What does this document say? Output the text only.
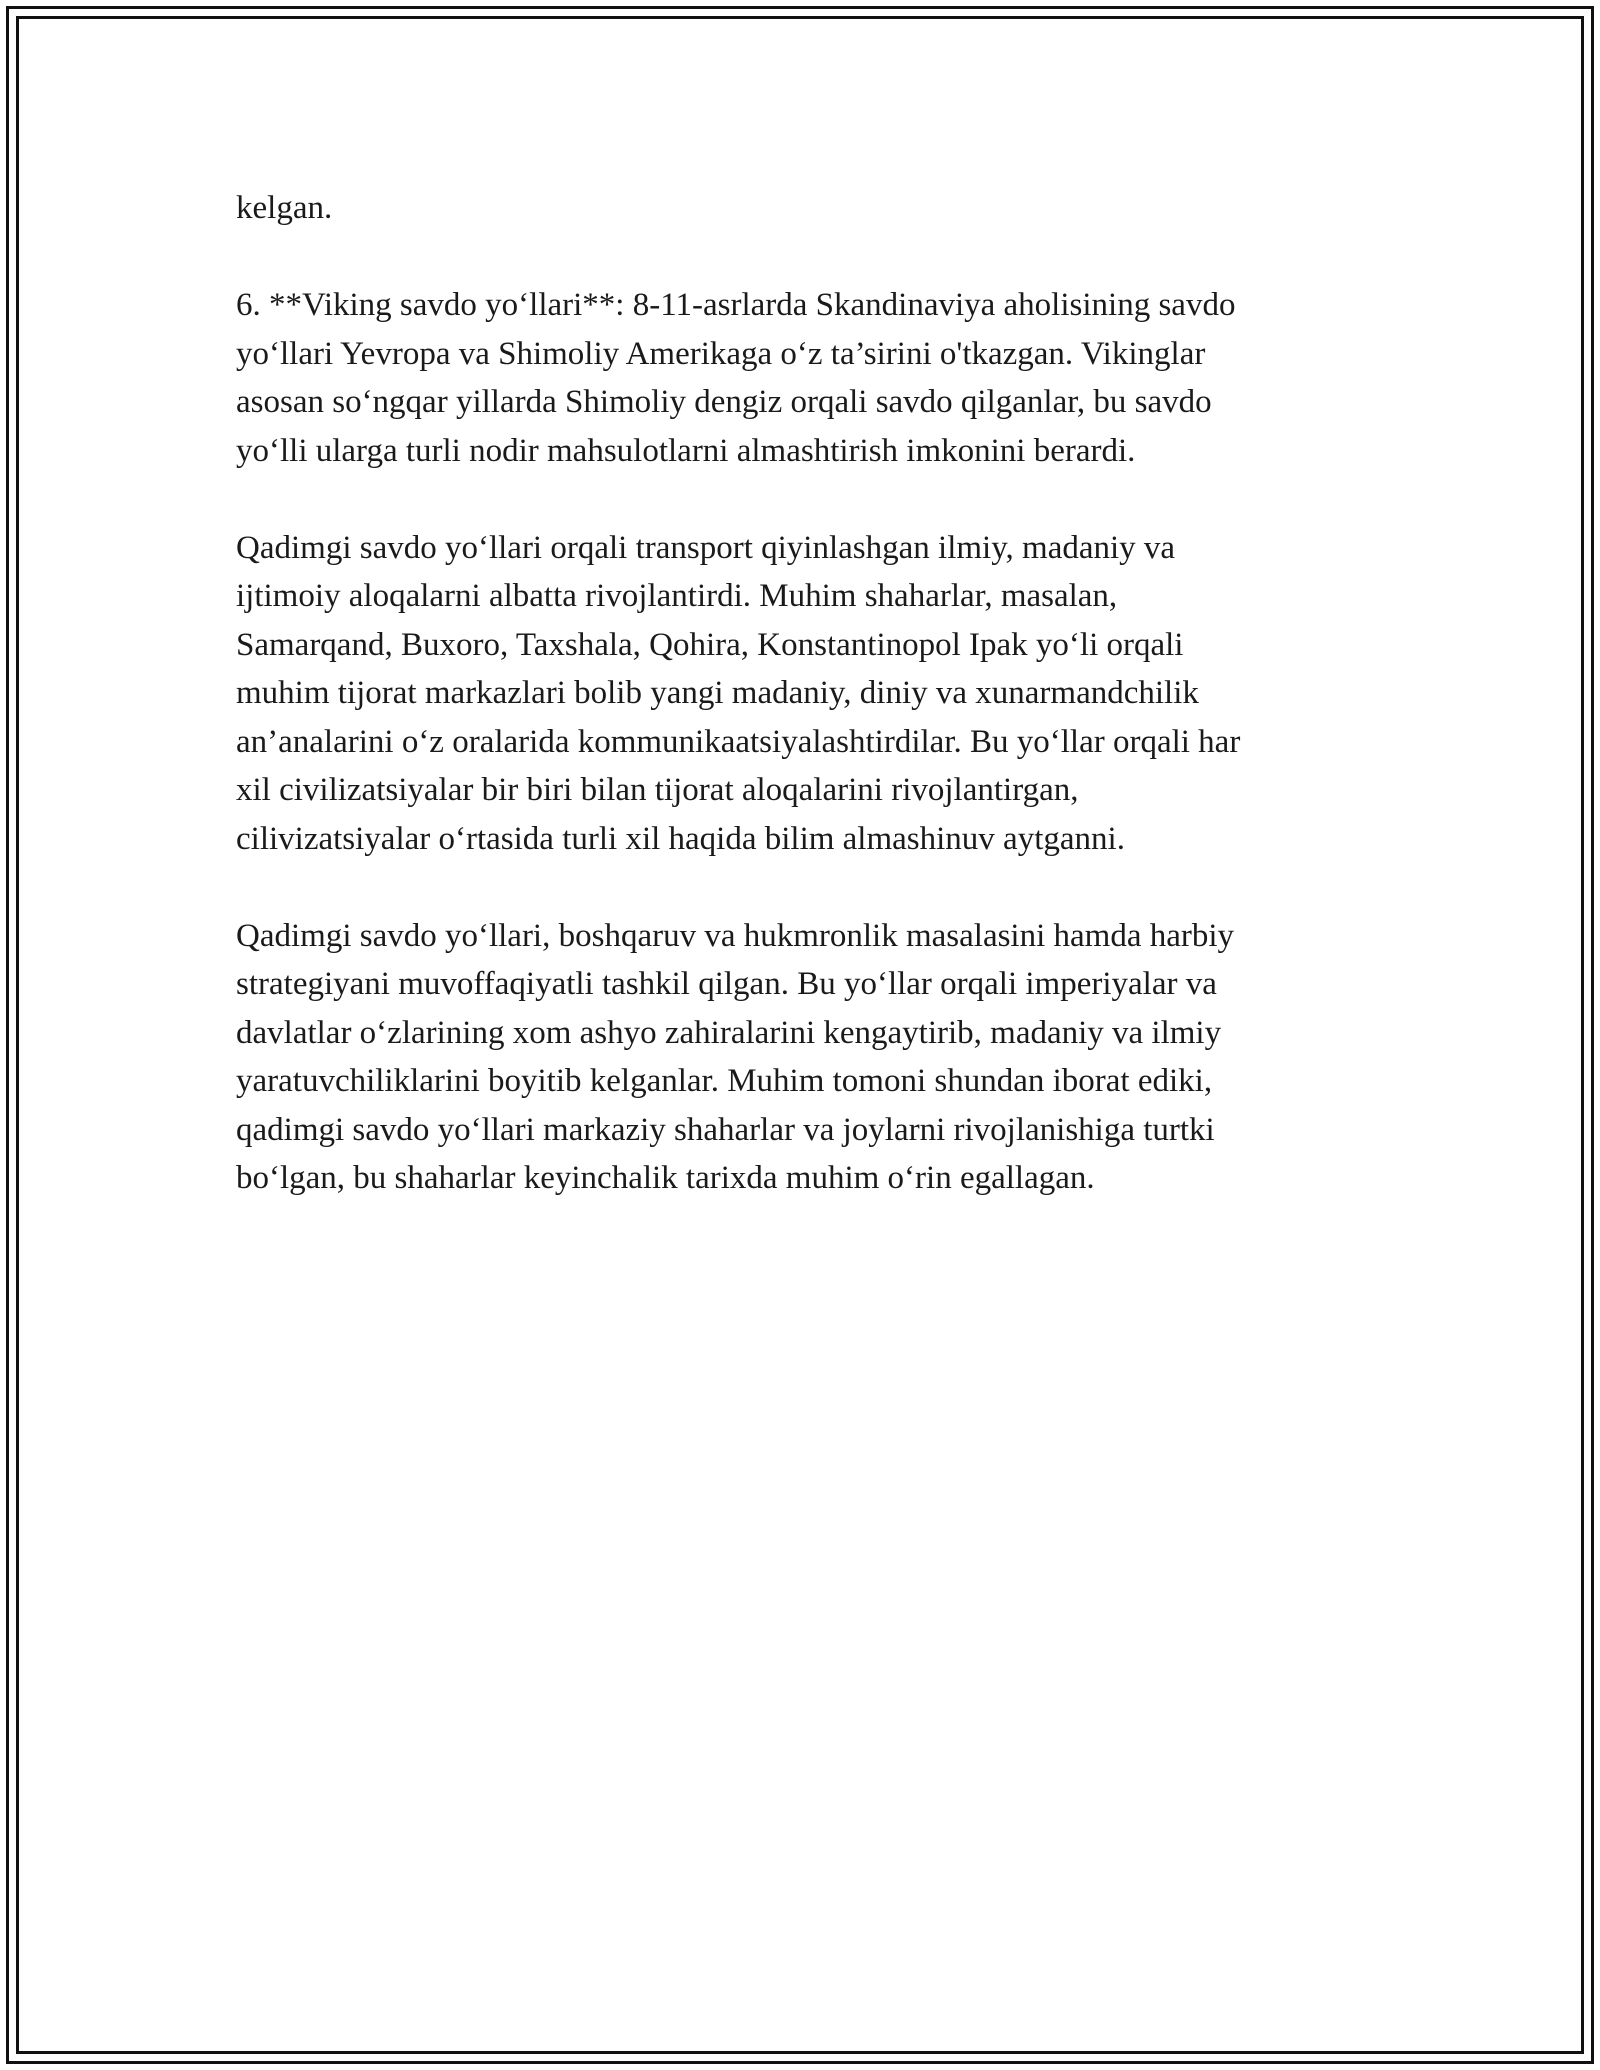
kelgan.

6. **Viking savdo yo‘llari**: 8-11-asrlarda Skandinaviya aholisining savdo
yo‘llari Yevropa va Shimoliy Amerikaga o‘z ta’sirini o'tkazgan. Vikinglar
asosan so‘ngqar yillarda Shimoliy dengiz orqali savdo qilganlar, bu savdo
yo‘lli ularga turli nodir mahsulotlarni almashtirish imkonini berardi.

Qadimgi savdo yo‘llari orqali transport qiyinlashgan ilmiy, madaniy va
ijtimoiy aloqalarni albatta rivojlantirdi. Muhim shaharlar, masalan,
Samarqand, Buxoro, Taxshala, Qohira, Konstantinopol Ipak yo‘li orqali
muhim tijorat markazlari bolib yangi madaniy, diniy va xunarmandchilik
an’analarini o‘z oralarida kommunikaatsiyalashtirdilar. Bu yo‘llar orqali har
xil civilizatsiyalar bir biri bilan tijorat aloqalarini rivojlantirgan,
cilivizatsiyalar o‘rtasida turli xil haqida bilim almashinuv aytganni.

Qadimgi savdo yo‘llari, boshqaruv va hukmronlik masalasini hamda harbiy
strategiyani muvoffaqiyatli tashkil qilgan. Bu yo‘llar orqali imperiyalar va
davlatlar o‘zlarining xom ashyo zahiralarini kengaytirib, madaniy va ilmiy
yaratuvchiliklarini boyitib kelganlar. Muhim tomoni shundan iborat ediki,
qadimgi savdo yo‘llari markaziy shaharlar va joylarni rivojlanishiga turtki
bo‘lgan, bu shaharlar keyinchalik tarixda muhim o‘rin egallagan.
